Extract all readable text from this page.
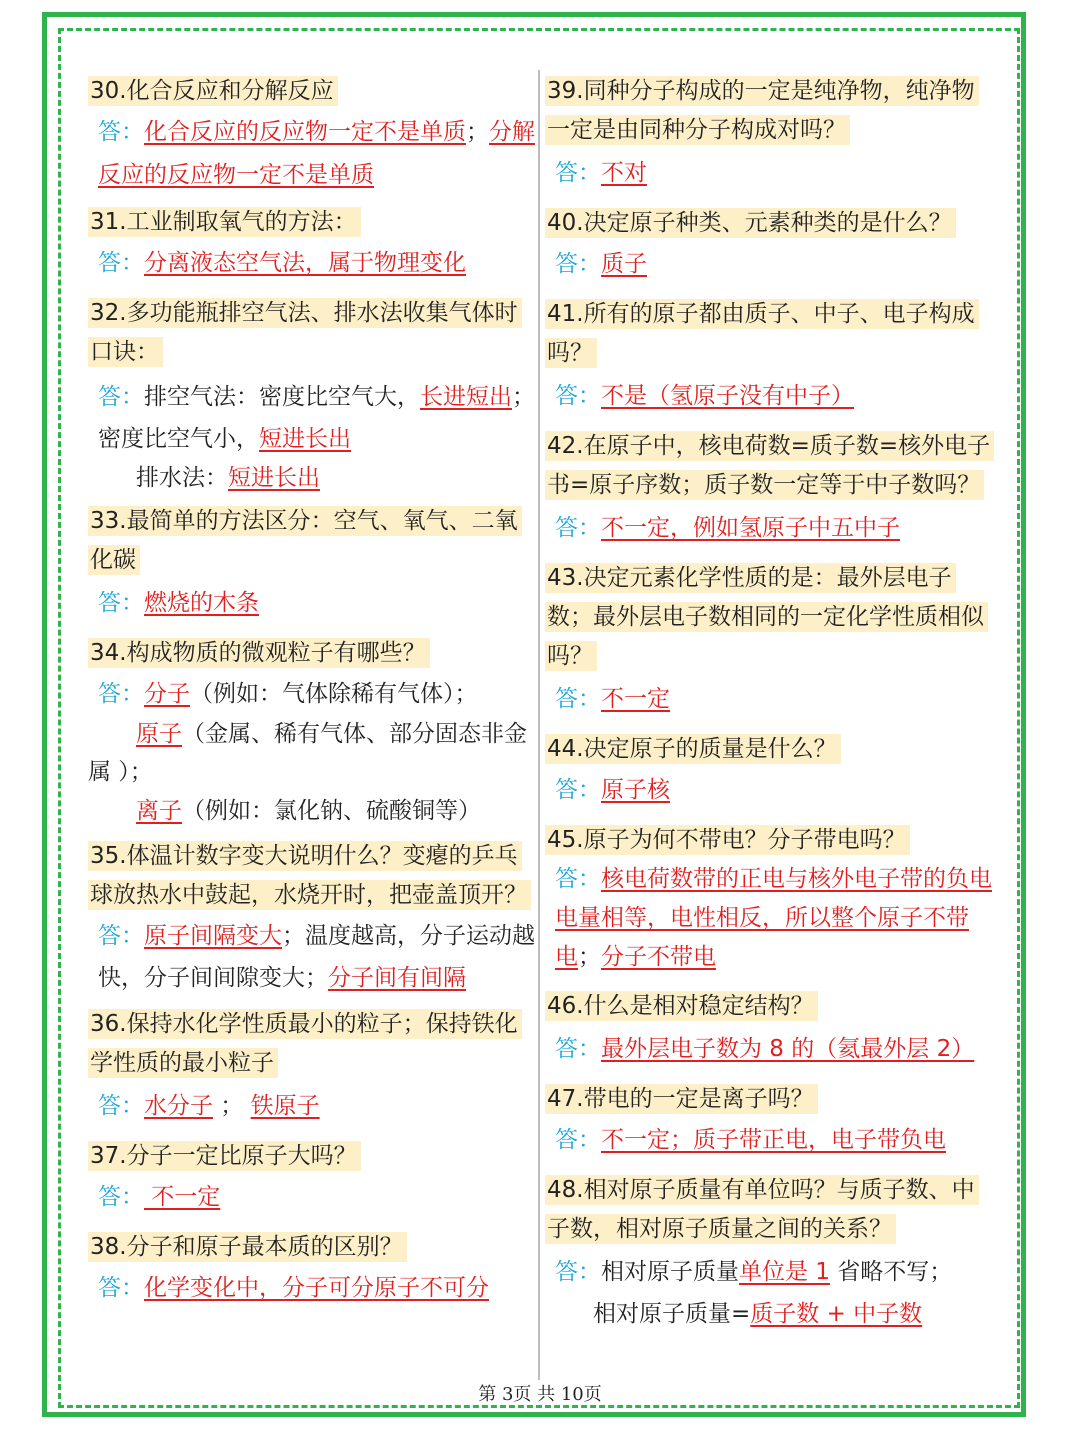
30.化合反应和分解反应

答：化合反应的反应物一定不是单质；分解反应的反应物一定不是单质

31.工业制取氧气的方法：

答：分离液态空气法，属于物理变化

32.多功能瓶排空气法、排水法收集气体时口诀：

答：排空气法：密度比空气大，长进短出；
密度比空气小，短进长出

排水法：短进长出

33.最简单的方法区分：空气、氧气、二氧化碳

答：燃烧的木条

34.构成物质的微观粒子有哪些？

答：分子（例如：气体除稀有气体）；

原子（金属、稀有气体、部分固态非金属 ）；

离子（例如：氯化钠、硫酸铜等）

35.体温计数字变大说明什么？变瘪的乒乓球放热水中鼓起，水烧开时，把壶盖顶开？

答：原子间隔变大；温度越高，分子运动越快，分子间间隙变大；分子间有间隔

36.保持水化学性质最小的粒子；保持铁化学性质的最小粒子

答：水分子 ； 铁原子

37.分子一定比原子大吗？

答： 不一定

38.分子和原子最本质的区别？

答：化学变化中，分子可分原子不可分

39.同种分子构成的一定是纯净物，纯净物一定是由同种分子构成对吗？

答：不对

40.决定原子种类、元素种类的是什么？

答：质子

41.所有的原子都由质子、中子、电子构成吗？

答：不是（氢原子没有中子）

42.在原子中，核电荷数=质子数=核外电子书=原子序数；质子数一定等于中子数吗？

答：不一定，例如氢原子中五中子

43.决定元素化学性质的是：最外层电子数；最外层电子数相同的一定化学性质相似吗？

答：不一定

44.决定原子的质量是什么？

答：原子核

45.原子为何不带电？分子带电吗？

答：核电荷数带的正电与核外电子带的负电电量相等，电性相反，所以整个原子不带电；分子不带电

46.什么是相对稳定结构？

答：最外层电子数为 8 的（氦最外层 2）

47.带电的一定是离子吗？

答：不一定；质子带正电，电子带负电

48.相对原子质量有单位吗？与质子数、中子数，相对原子质量之间的关系？

答：相对原子质量单位是 1 省略不写；

相对原子质量=质子数 + 中子数

第 3页 共 10页
